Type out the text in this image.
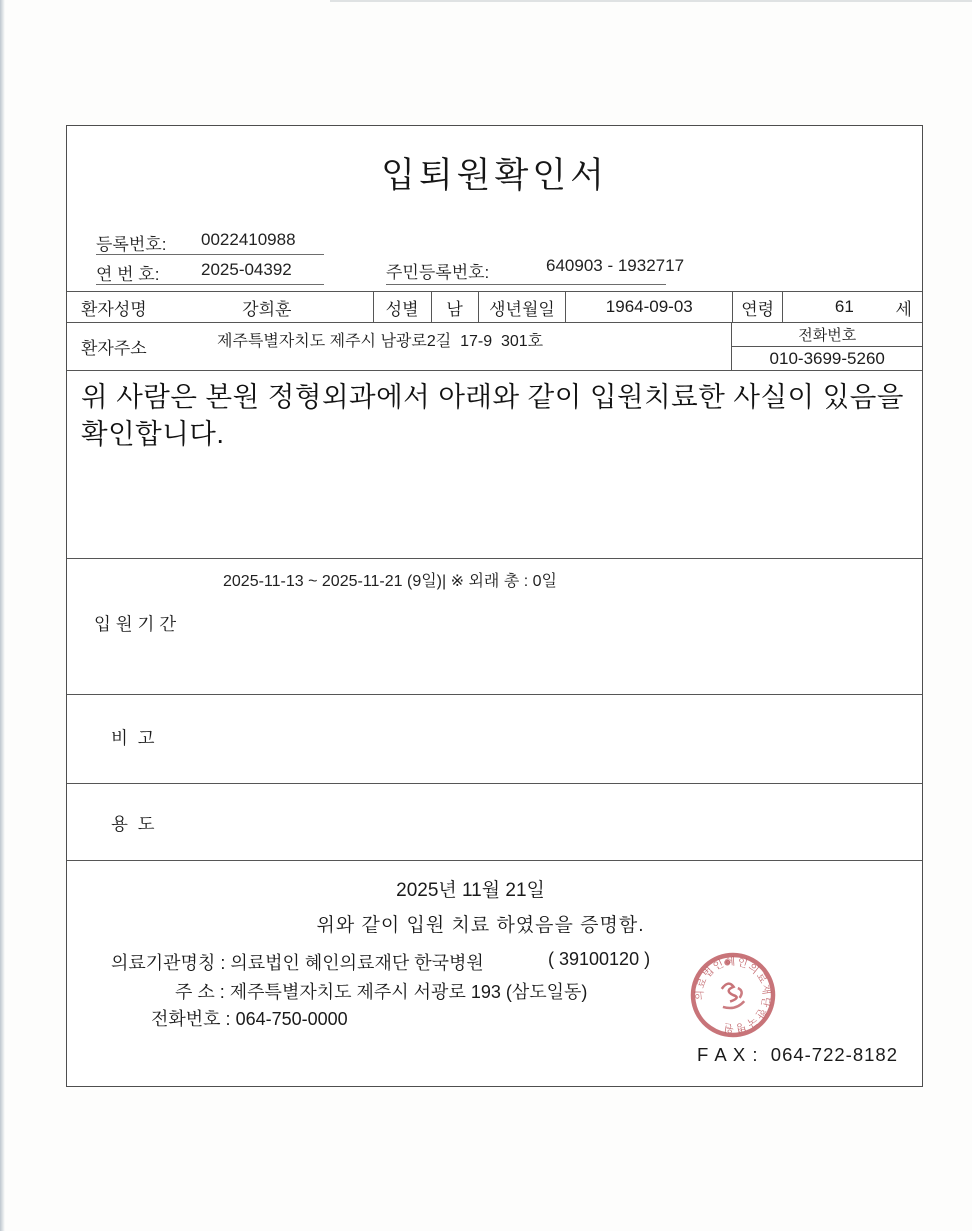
입퇴원확인서
등록번호: 0022410988
연 번 호: 2025-04392	주민등록번호:	640903 - 1932717
환자성명	강희훈	성별	남	생년월일	1964-09-03	연령	61	세
환자주소	제주특별자치도 제주시 남광로2길  17-9  301호	전화번호
010-3699-5260
위 사람은 본원 정형외과에서 아래와 같이 입원치료한 사실이 있음을 확인합니다.
2025-11-13 ~ 2025-11-21 (9일)| ※ 외래 총 : 0일
입 원 기 간
비  고
용  도
2025년 11월 21일
위와 같이 입원 치료 하였음을 증명함.
의료기관명칭 : 의료법인 혜인의료재단 한국병원	( 39100120 )
주 소 : 제주특별자치도 제주시 서광로 193 (삼도일동)
전화번호 : 064-750-0000
F A X :  064-722-8182
의료법인혜인의료재단한국병원
